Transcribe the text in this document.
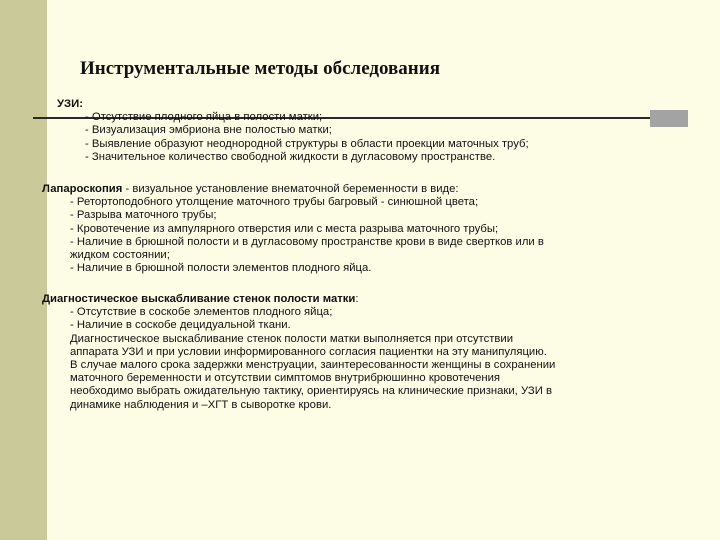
Инструментальные методы обследования

УЗИ:

- Отсутствие плодного яйца в полости матки;

- Визуализация эмбриона вне полостью матки;

- Выявление образуют неоднородной структуры в области проекции маточных труб;

- Значительное количество свободной жидкости в дугласовому пространстве.

Лапароскопия - визуальное установление внематочной беременности в виде:

- Ретортоподобного утолщение маточного трубы багровый - синюшной цвета;

- Разрыва маточного трубы;

- Кровотечение из ампулярного отверстия или с места разрыва маточного трубы;

- Наличие в брюшной полости и в дугласовому пространстве крови в виде свертков или в

жидком состоянии;

- Наличие в брюшной полости элементов плодного яйца.

Диагностическое выскабливание стенок полости матки:

- Отсутствие в соскобе элементов плодного яйца;

- Наличие в соскобе децидуальной ткани.

Диагностическое выскабливание стенок полости матки выполняется при отсутствии

аппарата УЗИ и при условии информированного согласия пациентки на эту манипуляцию.

В случае малого срока задержки менструации, заинтересованности женщины в сохранении

маточного беременности и отсутствии симптомов внутрибрюшинно кровотечения

необходимо выбрать ожидательную тактику, ориентируясь на клинические признаки, УЗИ в

динамике наблюдения и –ХГТ в сыворотке крови.
